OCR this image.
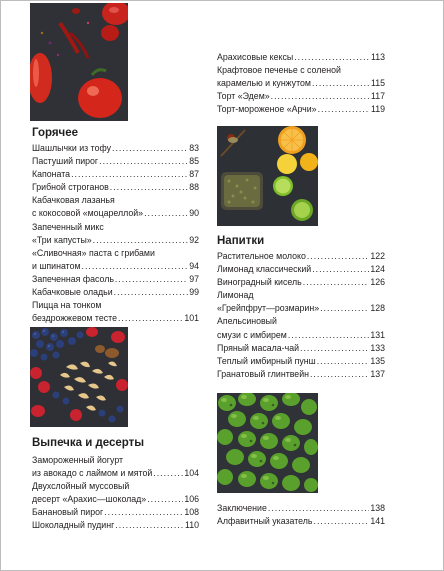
Горячее
Шашлычки из тофу .....	83
Пастуший пирог .....	85
Капоната .....	87
Грибной строганов .....	88
Кабачковая лазанья
с кокосовой «моцареллой» .....	90
Запеченный микс
«Три капусты» .....	92
«Сливочная» паста с грибами
и шпинатом .....	94
Запеченная фасоль .....	97
Кабачковые оладьи .....	99
Пицца на тонком
бездрожжевом тесте .....	101
Выпечка и десерты
Замороженный йогурт
из авокадо с лаймом и мятой .....	104
Двухслойный муссовый
десерт «Арахис—шоколад» .....	106
Банановый пирог .....	108
Шоколадный пудинг .....	110
Арахисовые кексы .....	113
Крафтовое печенье с соленой
карамелью и кунжутом .....	115
Торт «Эдем» .....	117
Торт-мороженое «Арчи» .....	119
Напитки
Растительное молоко .....	122
Лимонад классический .....	124
Виноградный кисель .....	126
Лимонад
«Грейпфрут—розмарин» .....	128
Апельсиновый
смузи с имбирем .....	131
Пряный масала-чай .....	133
Теплый имбирный пунш .....	135
Гранатовый глинтвейн .....	137
Заключение .....	138
Алфавитный указатель .....	141
